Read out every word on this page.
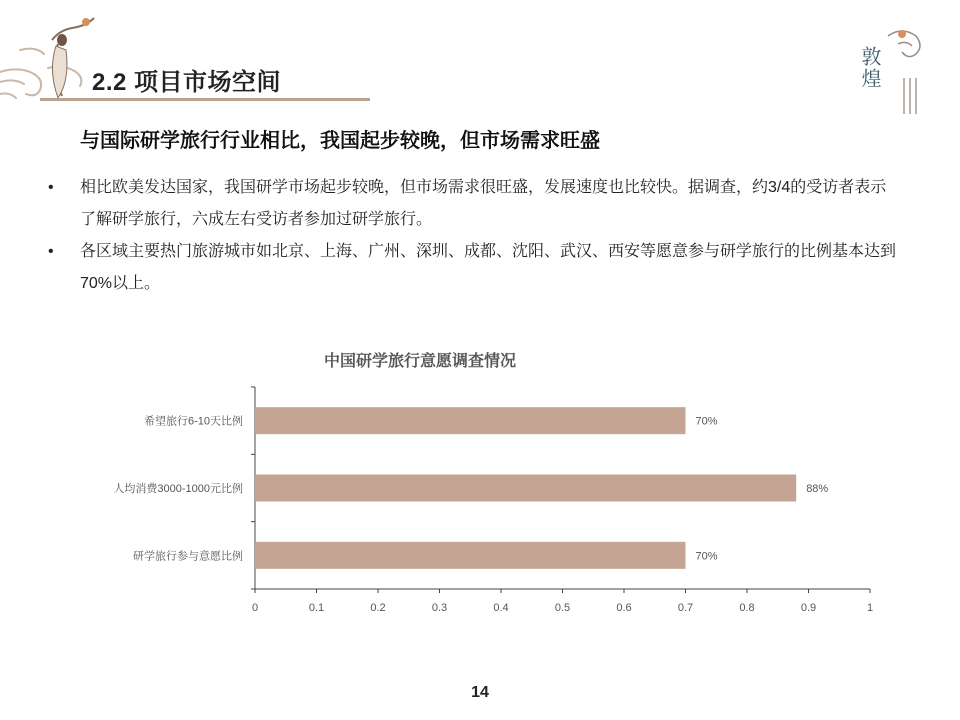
2.2 项目市场空间	敦煌
与国际研学旅行行业相比，我国起步较晚，但市场需求旺盛
• 相比欧美发达国家，我国研学市场起步较晚，但市场需求很旺盛，发展速度也比较快。据调查，约3/4的受访者表示了解研学旅行，六成左右受访者参加过研学旅行。
• 各区域主要热门旅游城市如北京、上海、广州、深圳、成都、沈阳、武汉、西安等愿意参与研学旅行的比例基本达到70%以上。
中国研学旅行意愿调查情况
希望旅行6-10天比例	70%
人均消费3000-1000元比例	88%
研学旅行参与意愿比例	70%
0	0.1	0.2	0.3	0.4	0.5	0.6	0.7	0.8	0.9	1
14
